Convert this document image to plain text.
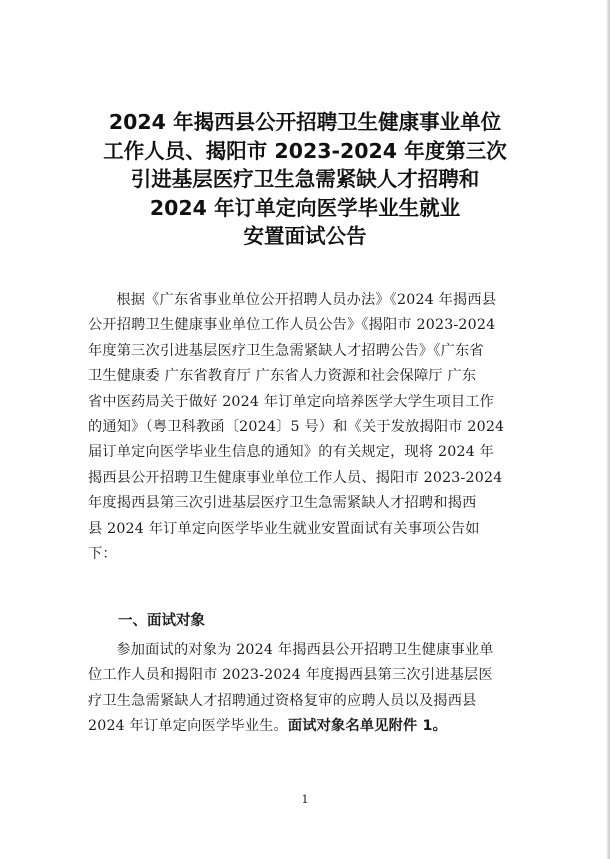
2024 年揭西县公开招聘卫生健康事业单位
工作人员、揭阳市 2023-2024 年度第三次
引进基层医疗卫生急需紧缺人才招聘和
2024 年订单定向医学毕业生就业
安置面试公告
根据《广东省事业单位公开招聘人员办法》《2024 年揭西县
公开招聘卫生健康事业单位工作人员公告》《揭阳市 2023-2024
年度第三次引进基层医疗卫生急需紧缺人才招聘公告》《广东省
卫生健康委 广东省教育厅 广东省人力资源和社会保障厅 广东
省中医药局关于做好 2024 年订单定向培养医学大学生项目工作
的通知》（粤卫科教函〔2024〕5 号）和《关于发放揭阳市 2024
届订单定向医学毕业生信息的通知》的有关规定，现将 2024 年
揭西县公开招聘卫生健康事业单位工作人员、揭阳市 2023-2024
年度揭西县第三次引进基层医疗卫生急需紧缺人才招聘和揭西
县 2024 年订单定向医学毕业生就业安置面试有关事项公告如
下：
一、面试对象
参加面试的对象为 2024 年揭西县公开招聘卫生健康事业单
位工作人员和揭阳市 2023-2024 年度揭西县第三次引进基层医
疗卫生急需紧缺人才招聘通过资格复审的应聘人员以及揭西县
2024 年订单定向医学毕业生。面试对象名单见附件 1。
1
